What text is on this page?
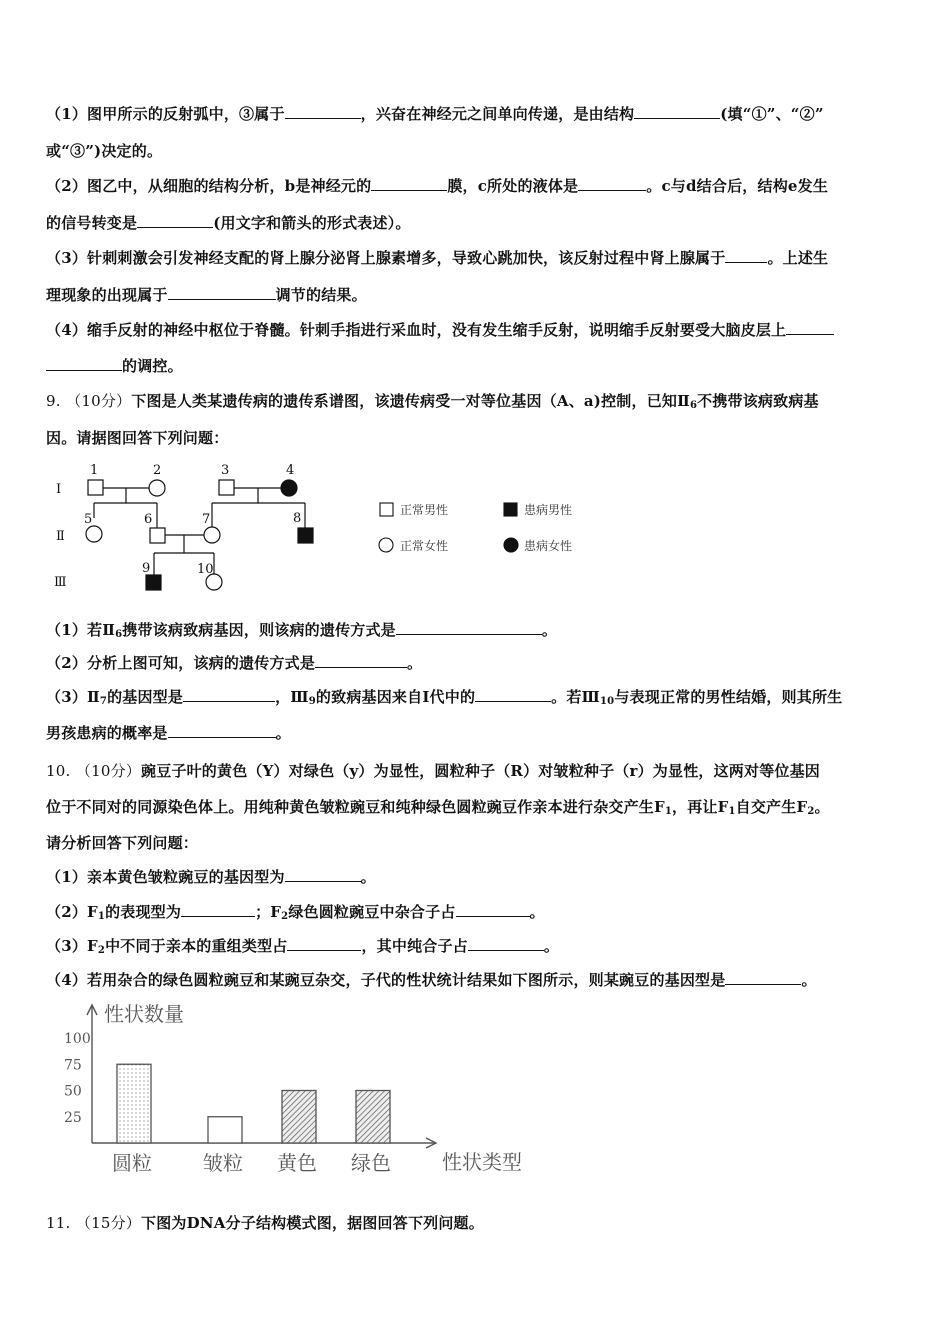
（1）图甲所示的反射弧中，③属于	，兴奋在神经元之间单向传递，是由结构	(填“①”、“②”
或“③”)决定的。
（2）图乙中，从细胞的结构分析，b是神经元的	膜，c所处的液体是	。c与d结合后，结构e发生
的信号转变是	(用文字和箭头的形式表述）。
（3）针刺刺激会引发神经支配的肾上腺分泌肾上腺素增多，导致心跳加快，该反射过程中肾上腺属于	。上述生
理现象的出现属于	调节的结果。
（4）缩手反射的神经中枢位于脊髓。针刺手指进行采血时，没有发生缩手反射，说明缩手反射要受大脑皮层上
的调控。
9. （10分）下图是人类某遗传病的遗传系谱图，该遗传病受一对等位基因（A、a)控制，已知$Ⅱ_6$不携带该病致病基
因。请据图回答下列问题：
Ⅰ
Ⅱ
Ⅲ
1	2	3	4
5	6	7	8
9	10
正常男性	患病男性
正常女性	患病女性
（1）若$Ⅱ_6$携带该病致病基因，则该病的遗传方式是	。
（2）分析上图可知，该病的遗传方式是	。
$(3)Ⅱ_7$的基因型是	，$Ⅲ_9$的致病基因来自Ⅰ代中的	。若$Ⅲ_{10}$与表现正常的男性结婚，则其所生
男孩患病的概率是	。
10. （10分）豌豆子叶的黄色（Y）对绿色（y）为显性，圆粒种子（R）对皱粒种子（r）为显性，这两对等位基因
位于不同对的同源染色体上。用纯种黄色皱粒豌豆和纯种绿色圆粒豌豆作亲本进行杂交产生$F_1$，再让$F_1$自交产生$F_2$。
请分析回答下列问题：
（1）亲本黄色皱粒豌豆的基因型为	。
$(2)F_1$的表现型为	；$F_2$绿色圆粒豌豆中杂合子占	。
$(3)F_2$中不同于亲本的重组类型占	，其中纯合子占	。
（4）若用杂合的绿色圆粒豌豆和某豌豆杂交，子代的性状统计结果如下图所示，则某豌豆的基因型是	。
100
75
50
25
圆粒	皱粒 黄色 绿色
性状数量
性状类型
11. （15分）下图为DNA分子结构模式图，据图回答下列问题。
